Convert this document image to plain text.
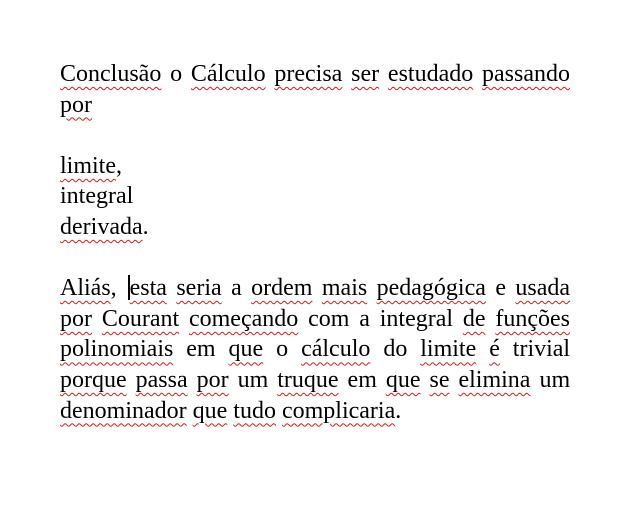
Conclusão o Cálculo precisa ser estudado passando por

limite,
integral
derivada.

Aliás, esta seria a ordem mais pedagógica e usada por Courant começando com a integral de funções polinomiais em que o cálculo do limite é trivial porque passa por um truque em que se elimina um denominador que tudo complicaria.
